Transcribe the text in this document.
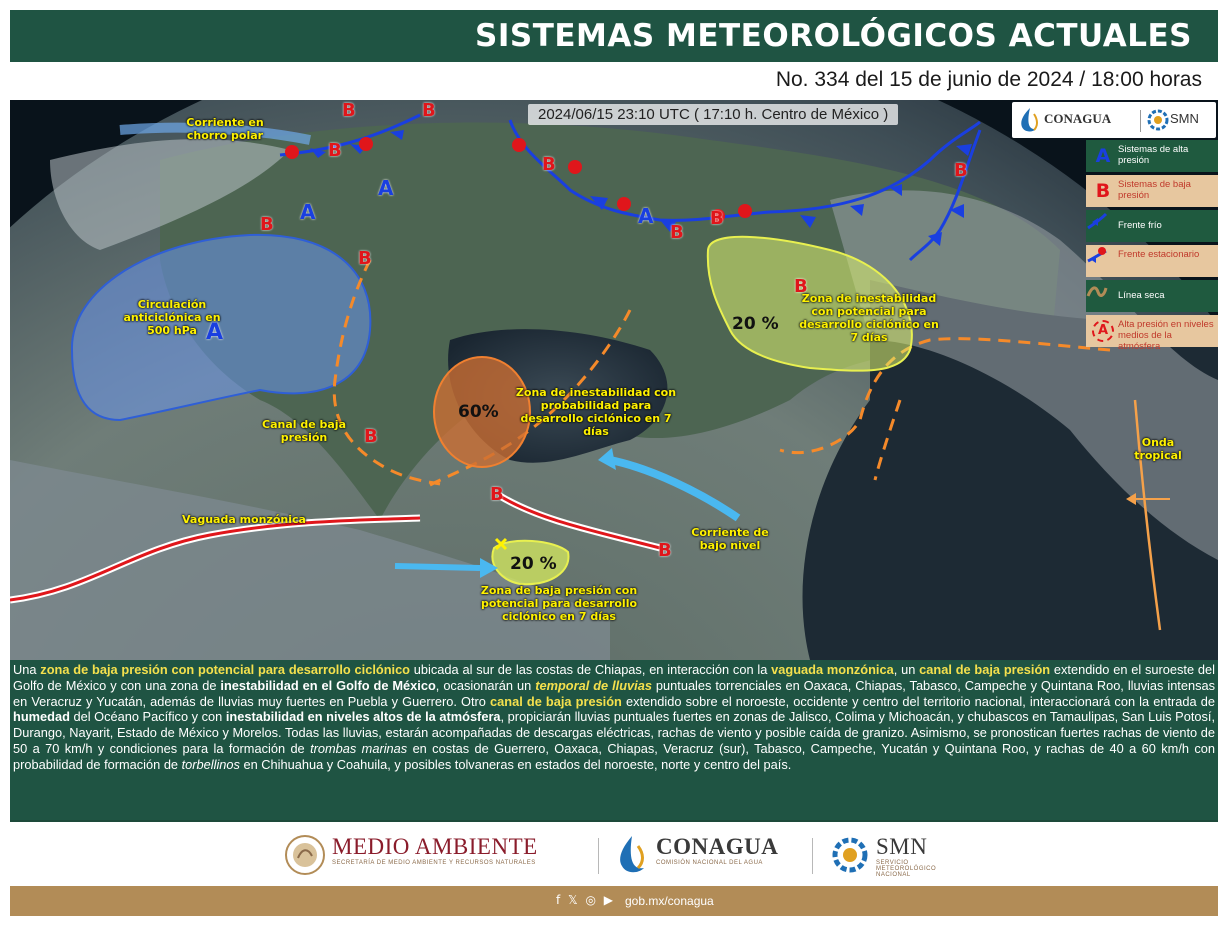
SISTEMAS METEOROLÓGICOS ACTUALES
No. 334 del 15 de junio de 2024 / 18:00 horas
2024/06/15 23:10 UTC ( 17:10 h. Centro de México )	CONAGUA	SMN
A Sistemas de alta presión
B Sistemas de baja presión
Frente frío
Frente estacionario
Línea seca
A	Alta presión en niveles medios de la atmósfera
Corriente en chorro polar
Circulación anticiclónica en 500 hPa
Canal de baja presión
Vaguada monzónica
Zona de inestabilidad con probabilidad para desarrollo ciclónico en 7 días
60%
Zona de inestabilidad con potencial para desarrollo ciclónico en 7 días
20 %
Zona de baja presión con potencial para desarrollo ciclónico en 7 días
20 %
Corriente de bajo nivel
Onda tropical
A
A
A
A
B	B
B
B
B
B
B
B
B
B
B
B
B
Una zona de baja presión con potencial para desarrollo ciclónico ubicada al sur de las costas de Chiapas, en interacción con la vaguada monzónica, un canal de baja presión extendido en el suroeste del Golfo de México y con una zona de inestabilidad en el Golfo de México, ocasionarán un temporal de lluvias puntuales torrenciales en Oaxaca, Chiapas, Tabasco, Campeche y Quintana Roo, lluvias intensas en Veracruz y Yucatán, además de lluvias muy fuertes en Puebla y Guerrero. Otro canal de baja presión extendido sobre el noroeste, occidente y centro del territorio nacional, interaccionará con la entrada de humedad del Océano Pacífico y con inestabilidad en niveles altos de la atmósfera, propiciarán lluvias puntuales fuertes en zonas de Jalisco, Colima y Michoacán, y chubascos en Tamaulipas, San Luis Potosí, Durango, Nayarit, Estado de México y Morelos. Todas las lluvias, estarán acompañadas de descargas eléctricas, rachas de viento y posible caída de granizo. Asimismo, se pronostican fuertes rachas de viento de 50 a 70 km/h y condiciones para la formación de trombas marinas en costas de Guerrero, Oaxaca, Chiapas, Veracruz (sur), Tabasco, Campeche, Yucatán y Quintana Roo, y rachas de 40 a 60 km/h con probabilidad de formación de torbellinos en Chihuahua y Coahuila, y posibles tolvaneras en estados del noroeste, norte y centro del país.
MEDIO AMBIENTE
SECRETARÍA DE MEDIO AMBIENTE Y RECURSOS NATURALES
CONAGUA
COMISIÓN NACIONAL DEL AGUA
SMN
SERVICIO METEOROLÓGICO NACIONAL
f 𝕏 ◎ ▶ gob.mx/conagua
